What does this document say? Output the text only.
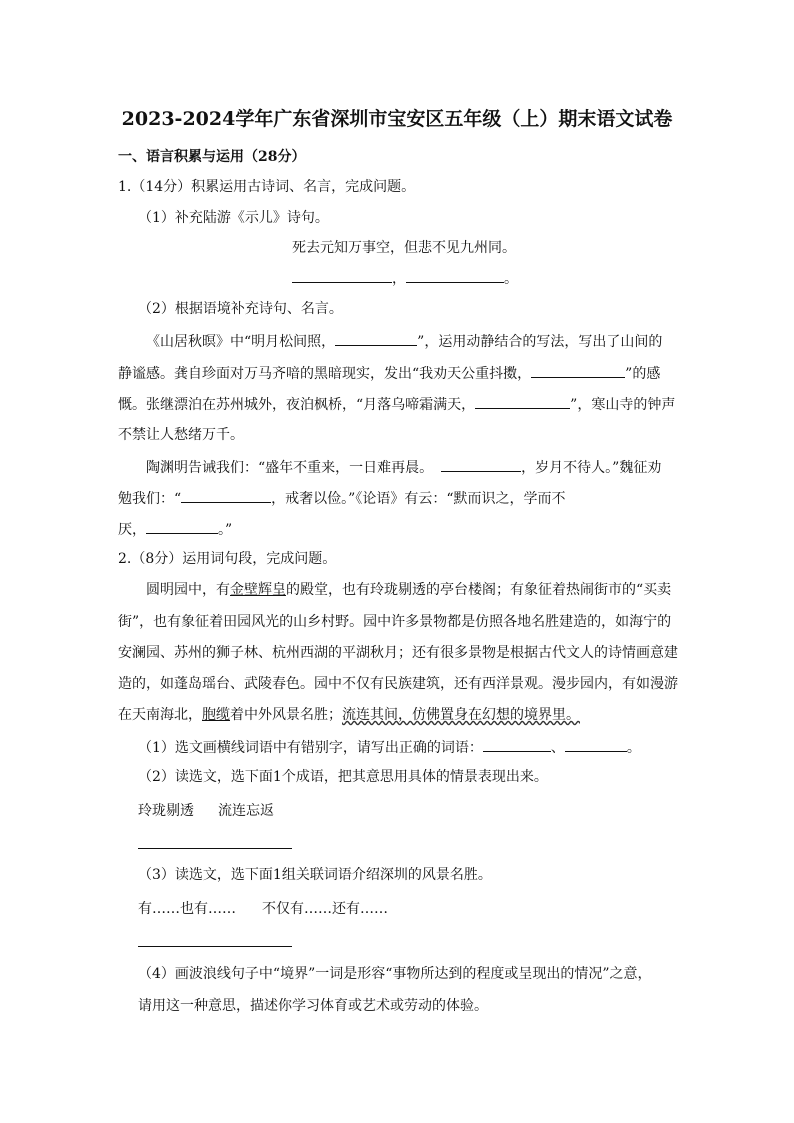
2023-2024学年广东省深圳市宝安区五年级（上）期末语文试卷
一、语言积累与运用（28分）
1.（14分）积累运用古诗词、名言，完成问题。
（1）补充陆游《示儿》诗句。
死去元知万事空，但悲不见九州同。
，	。
（2）根据语境补充诗句、名言。
《山居秋暝》中“明月松间照，	”，运用动静结合的写法，写出了山间的
静谧感。龚自珍面对万马齐喑的黑暗现实，发出“我劝天公重抖擞，	”的感
慨。张继漂泊在苏州城外，夜泊枫桥，“月落乌啼霜满天，	”，寒山寺的钟声
不禁让人愁绪万千。
陶渊明告诫我们：“盛年不重来，一日难再晨。	，岁月不待人。”魏征劝
勉我们：“	，戒奢以俭。”《论语》有云：“默而识之，学而不
厌，	。”
2.（8分）运用词句段，完成问题。
圆明园中，有金壁辉皇的殿堂，也有玲珑剔透的亭台楼阁；有象征着热闹街市的“买卖
街”，也有象征着田园风光的山乡村野。园中许多景物都是仿照各地名胜建造的，如海宁的
安澜园、苏州的狮子林、杭州西湖的平湖秋月；还有很多景物是根据古代文人的诗情画意建
造的，如蓬岛瑶台、武陵春色。园中不仅有民族建筑，还有西洋景观。漫步园内，有如漫游
在天南海北，胞缆着中外风景名胜；流连其间，仿佛置身在幻想的境界里。
（1）选文画横线词语中有错别字，请写出正确的词语：	、	。
（2）读选文，选下面1个成语，把其意思用具体的情景表现出来。
玲珑剔透 流连忘返
（3）读选文，选下面1组关联词语介绍深圳的风景名胜。
有……也有…… 不仅有……还有……
（4）画波浪线句子中“境界”一词是形容“事物所达到的程度或呈现出的情况”之意，
请用这一种意思，描述你学习体育或艺术或劳动的体验。
